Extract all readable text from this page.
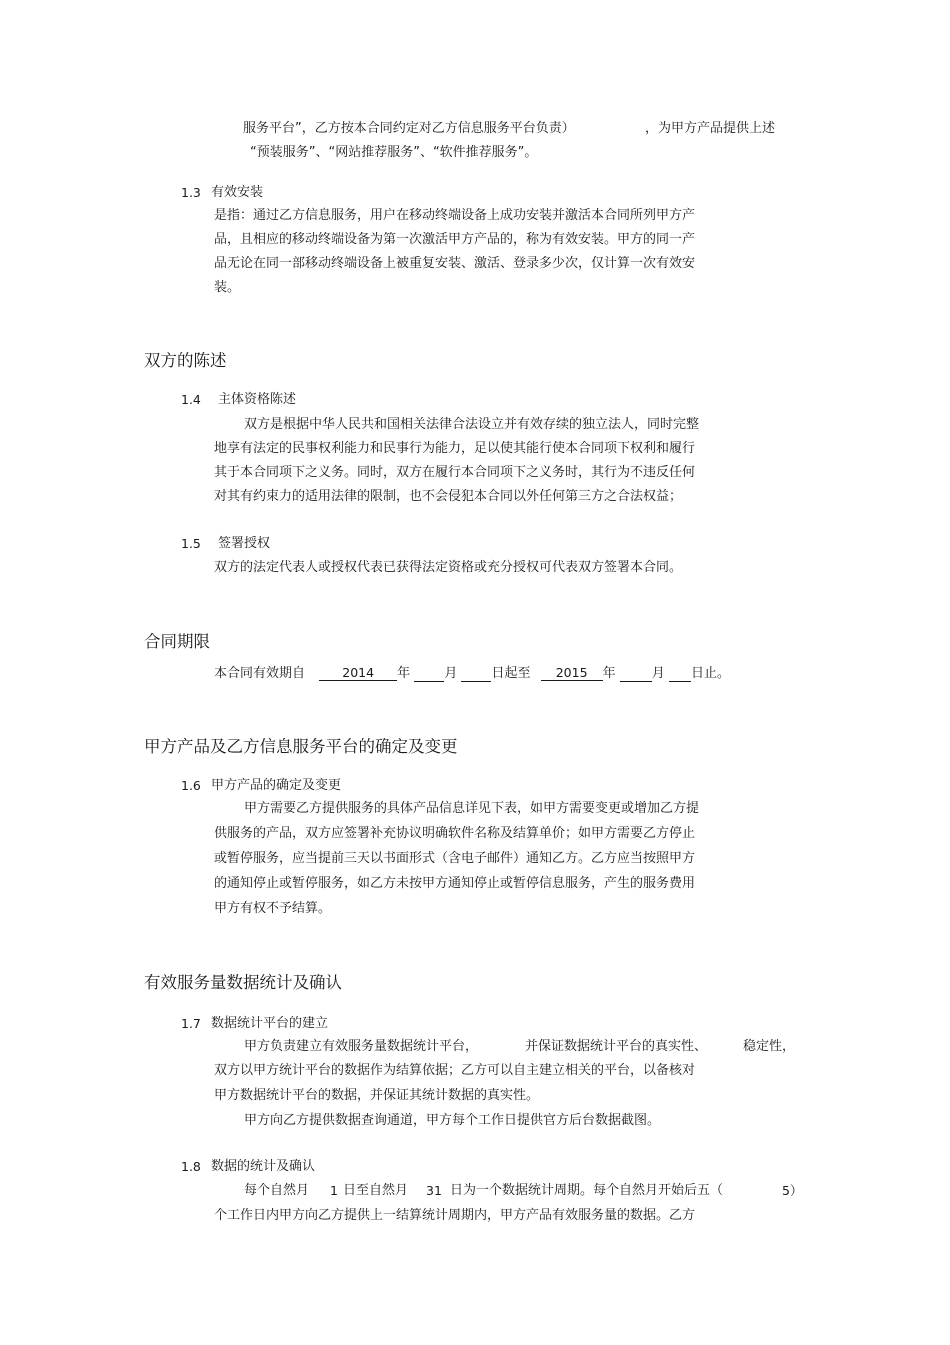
服务平台”，乙方按本合同约定对乙方信息服务平台负责）	，为甲方产品提供上述
“预装服务”、“网站推荐服务”、“软件推荐服务”。
1.3 有效安装
是指：通过乙方信息服务，用户在移动终端设备上成功安装并激活本合同所列甲方产
品，且相应的移动终端设备为第一次激活甲方产品的，称为有效安装。甲方的同一产
品无论在同一部移动终端设备上被重复安装、激活、登录多少次，仅计算一次有效安
装。
双方的陈述
1.4 主体资格陈述
双方是根据中华人民共和国相关法律合法设立并有效存续的独立法人，同时完整
地享有法定的民事权利能力和民事行为能力，足以使其能行使本合同项下权利和履行
其于本合同项下之义务。同时，双方在履行本合同项下之义务时，其行为不违反任何
对其有约束力的适用法律的限制，也不会侵犯本合同以外任何第三方之合法权益；
1.5 签署授权
双方的法定代表人或授权代表已获得法定资格或充分授权可代表双方签署本合同。
合同期限
本合同有效期自	2014 年	月	日起至 2015 年	月 日止。
甲方产品及乙方信息服务平台的确定及变更
1.6 甲方产品的确定及变更
甲方需要乙方提供服务的具体产品信息详见下表，如甲方需要变更或增加乙方提
供服务的产品，双方应签署补充协议明确软件名称及结算单价；如甲方需要乙方停止
或暂停服务，应当提前三天以书面形式（含电子邮件）通知乙方。乙方应当按照甲方
的通知停止或暂停服务，如乙方未按甲方通知停止或暂停信息服务，产生的服务费用
甲方有权不予结算。
有效服务量数据统计及确认
1.7 数据统计平台的建立
甲方负责建立有效服务量数据统计平台，	并保证数据统计平台的真实性、	稳定性，
双方以甲方统计平台的数据作为结算依据；乙方可以自主建立相关的平台，以备核对
甲方数据统计平台的数据，并保证其统计数据的真实性。
甲方向乙方提供数据查询通道，甲方每个工作日提供官方后台数据截图。
1.8 数据的统计及确认
每个自然月 1 日至自然月 31 日为一个数据统计周期。每个自然月开始后五（	5）
个工作日内甲方向乙方提供上一结算统计周期内，甲方产品有效服务量的数据。乙方
